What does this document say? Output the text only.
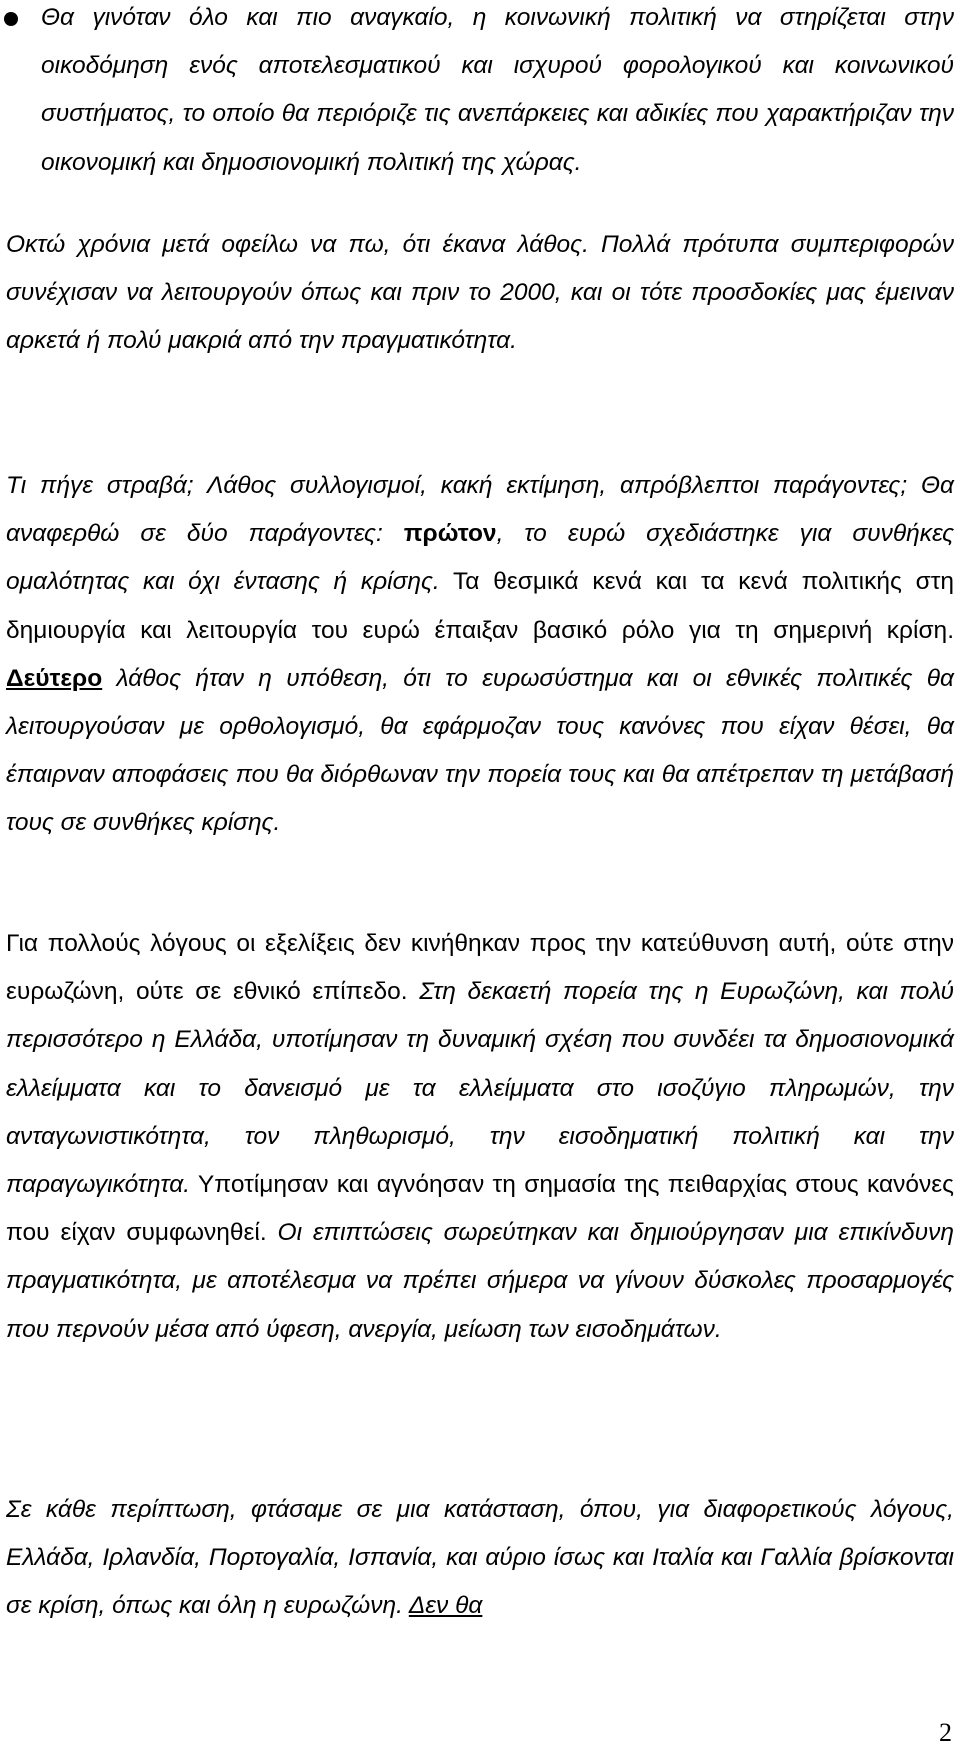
Θα γινόταν όλο και πιο αναγκαίο, η κοινωνική πολιτική να στηρίζεται στην οικοδόμηση ενός αποτελεσματικού και ισχυρού φορολογικού και κοινωνικού συστήματος, το οποίο θα περιόριζε τις ανεπάρκειες και αδικίες που χαρακτήριζαν την οικονομική και δημοσιονομική πολιτική της χώρας.
Οκτώ χρόνια μετά οφείλω να πω, ότι έκανα λάθος. Πολλά πρότυπα συμπεριφορών συνέχισαν να λειτουργούν όπως και πριν το 2000, και οι τότε προσδοκίες μας έμειναν αρκετά ή πολύ μακριά από την πραγματικότητα.
Τι πήγε στραβά; Λάθος συλλογισμοί, κακή εκτίμηση, απρόβλεπτοι παράγοντες; Θα αναφερθώ σε δύο παράγοντες: πρώτον, το ευρώ σχεδιάστηκε για συνθήκες ομαλότητας και όχι έντασης ή κρίσης. Τα θεσμικά κενά και τα κενά πολιτικής στη δημιουργία και λειτουργία του ευρώ έπαιξαν βασικό ρόλο για τη σημερινή κρίση. Δεύτερο λάθος ήταν η υπόθεση, ότι το ευρωσύστημα και οι εθνικές πολιτικές θα λειτουργούσαν με ορθολογισμό, θα εφάρμοζαν τους κανόνες που είχαν θέσει, θα έπαιρναν αποφάσεις που θα διόρθωναν την πορεία τους και θα απέτρεπαν τη μετάβασή τους σε συνθήκες κρίσης.
Για πολλούς λόγους οι εξελίξεις δεν κινήθηκαν προς την κατεύθυνση αυτή, ούτε στην ευρωζώνη, ούτε σε εθνικό επίπεδο. Στη δεκαετή πορεία της η Ευρωζώνη, και πολύ περισσότερο η Ελλάδα, υποτίμησαν τη δυναμική σχέση που συνδέει τα δημοσιονομικά ελλείμματα και το δανεισμό με τα ελλείμματα στο ισοζύγιο πληρωμών, την ανταγωνιστικότητα, τον πληθωρισμό, την εισοδηματική πολιτική και την παραγωγικότητα. Υποτίμησαν και αγνόησαν τη σημασία της πειθαρχίας στους κανόνες που είχαν συμφωνηθεί. Οι επιπτώσεις σωρεύτηκαν και δημιούργησαν μια επικίνδυνη πραγματικότητα, με αποτέλεσμα να πρέπει σήμερα να γίνουν δύσκολες προσαρμογές που περνούν μέσα από ύφεση, ανεργία, μείωση των εισοδημάτων.
Σε κάθε περίπτωση, φτάσαμε σε μια κατάσταση, όπου, για διαφορετικούς λόγους, Ελλάδα, Ιρλανδία, Πορτογαλία, Ισπανία, και αύριο ίσως και Ιταλία και Γαλλία βρίσκονται σε κρίση, όπως και όλη η ευρωζώνη. Δεν θα
2
